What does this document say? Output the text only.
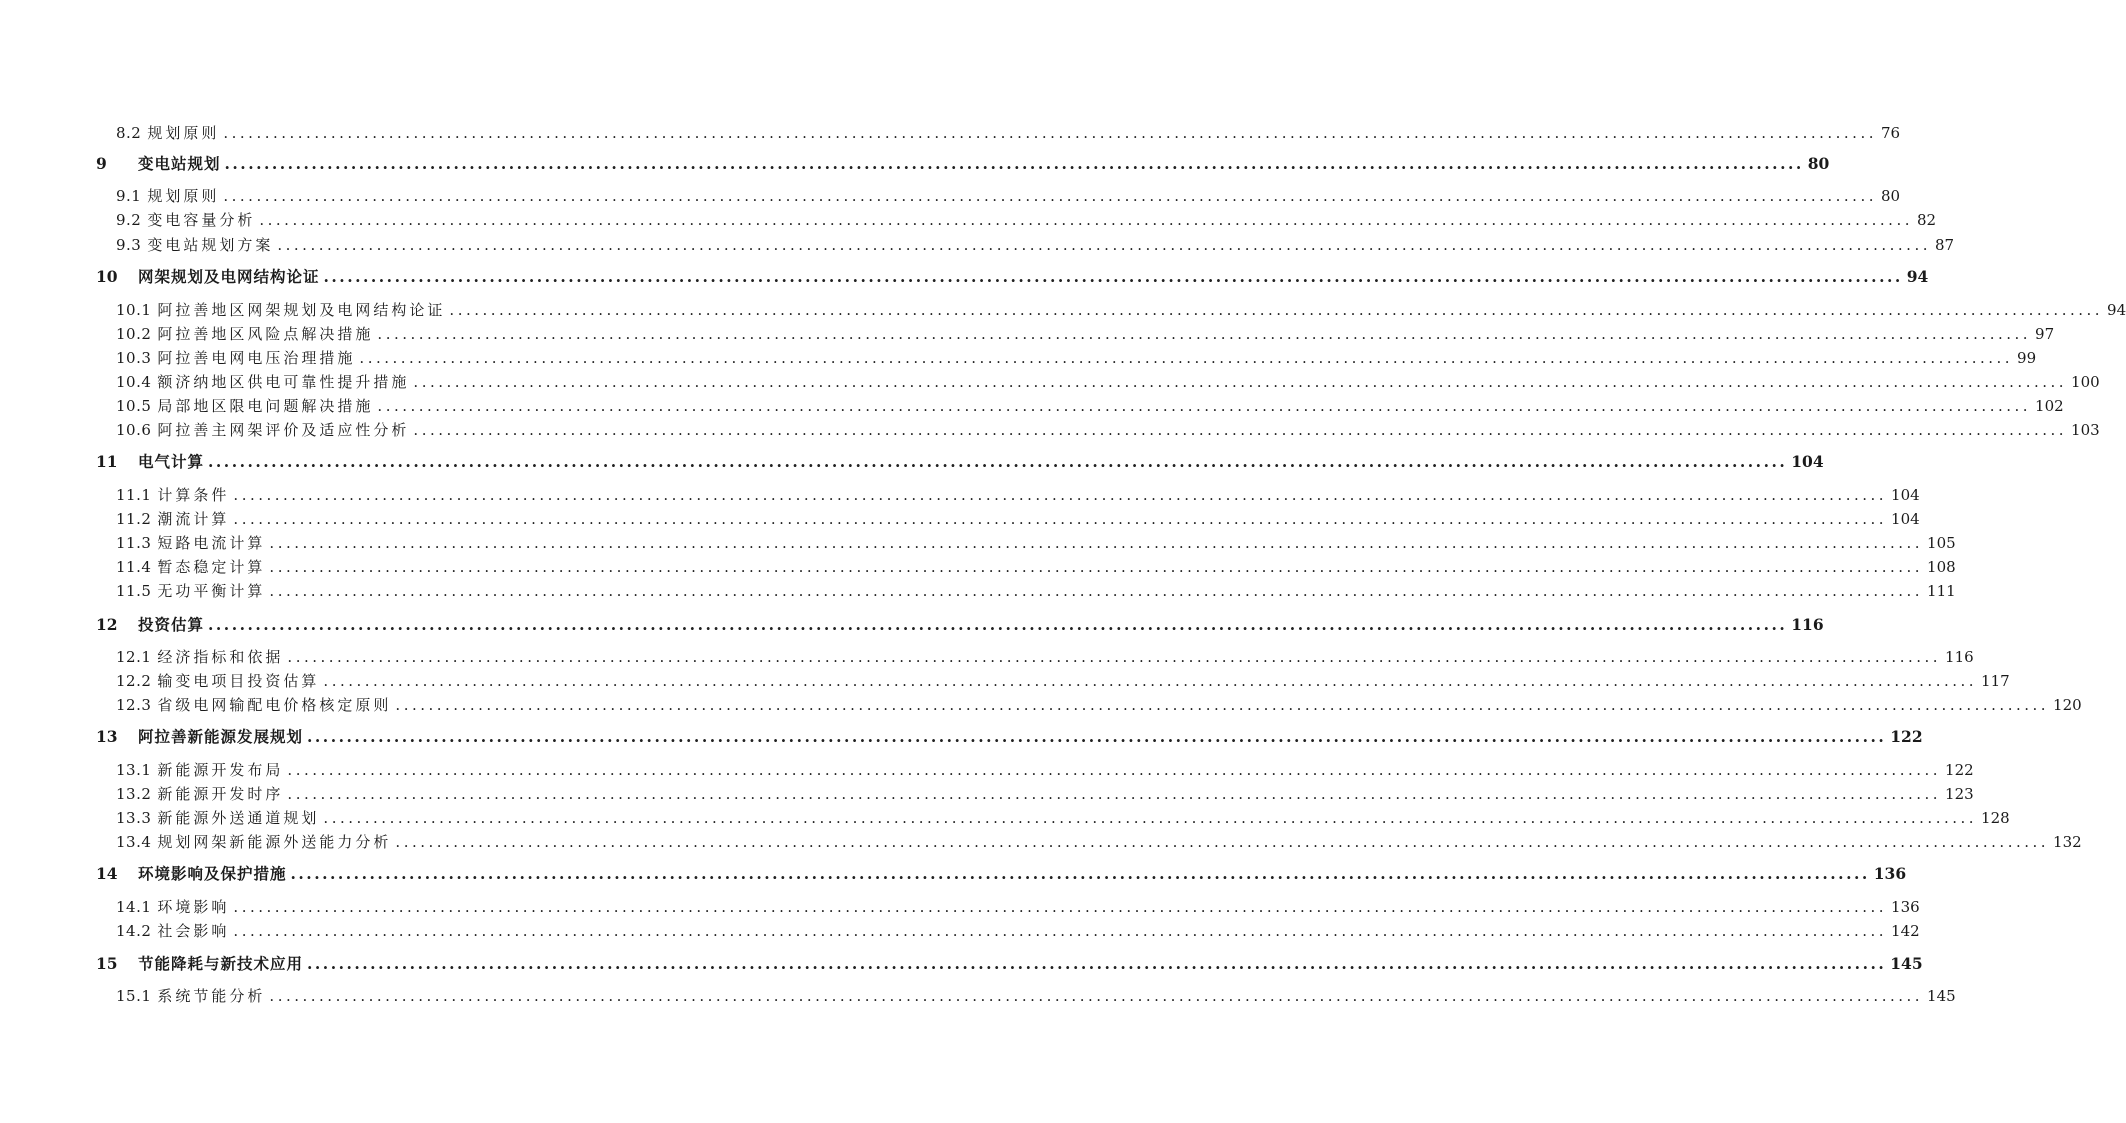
8.2 规划原则 ........................................................................................................................................................................................................ 76
9	变电站规划 ........................................................................................................................................................................................................ 80
9.1 规划原则 ........................................................................................................................................................................................................ 80
9.2 变电容量分析 ........................................................................................................................................................................................................ 82
9.3 变电站规划方案 ........................................................................................................................................................................................................ 87
10	网架规划及电网结构论证 ........................................................................................................................................................................................................ 94
10.1 阿拉善地区网架规划及电网结构论证 ........................................................................................................................................................................................................ 94
10.2 阿拉善地区风险点解决措施 ........................................................................................................................................................................................................ 97
10.3 阿拉善电网电压治理措施 ........................................................................................................................................................................................................ 99
10.4 额济纳地区供电可靠性提升措施 ........................................................................................................................................................................................................ 100
10.5 局部地区限电问题解决措施 ........................................................................................................................................................................................................ 102
10.6 阿拉善主网架评价及适应性分析 ........................................................................................................................................................................................................ 103
11	电气计算 ........................................................................................................................................................................................................ 104
11.1 计算条件 ........................................................................................................................................................................................................ 104
11.2 潮流计算 ........................................................................................................................................................................................................ 104
11.3 短路电流计算 ........................................................................................................................................................................................................ 105
11.4 暂态稳定计算 ........................................................................................................................................................................................................ 108
11.5 无功平衡计算 ........................................................................................................................................................................................................ 111
12	投资估算 ........................................................................................................................................................................................................ 116
12.1 经济指标和依据 ........................................................................................................................................................................................................ 116
12.2 输变电项目投资估算 ........................................................................................................................................................................................................ 117
12.3 省级电网输配电价格核定原则 ........................................................................................................................................................................................................ 120
13	阿拉善新能源发展规划 ........................................................................................................................................................................................................ 122
13.1 新能源开发布局 ........................................................................................................................................................................................................ 122
13.2 新能源开发时序 ........................................................................................................................................................................................................ 123
13.3 新能源外送通道规划 ........................................................................................................................................................................................................ 128
13.4 规划网架新能源外送能力分析 ........................................................................................................................................................................................................ 132
14	环境影响及保护措施 ........................................................................................................................................................................................................ 136
14.1 环境影响 ........................................................................................................................................................................................................ 136
14.2 社会影响 ........................................................................................................................................................................................................ 142
15	节能降耗与新技术应用 ........................................................................................................................................................................................................ 145
15.1 系统节能分析 ........................................................................................................................................................................................................ 145
